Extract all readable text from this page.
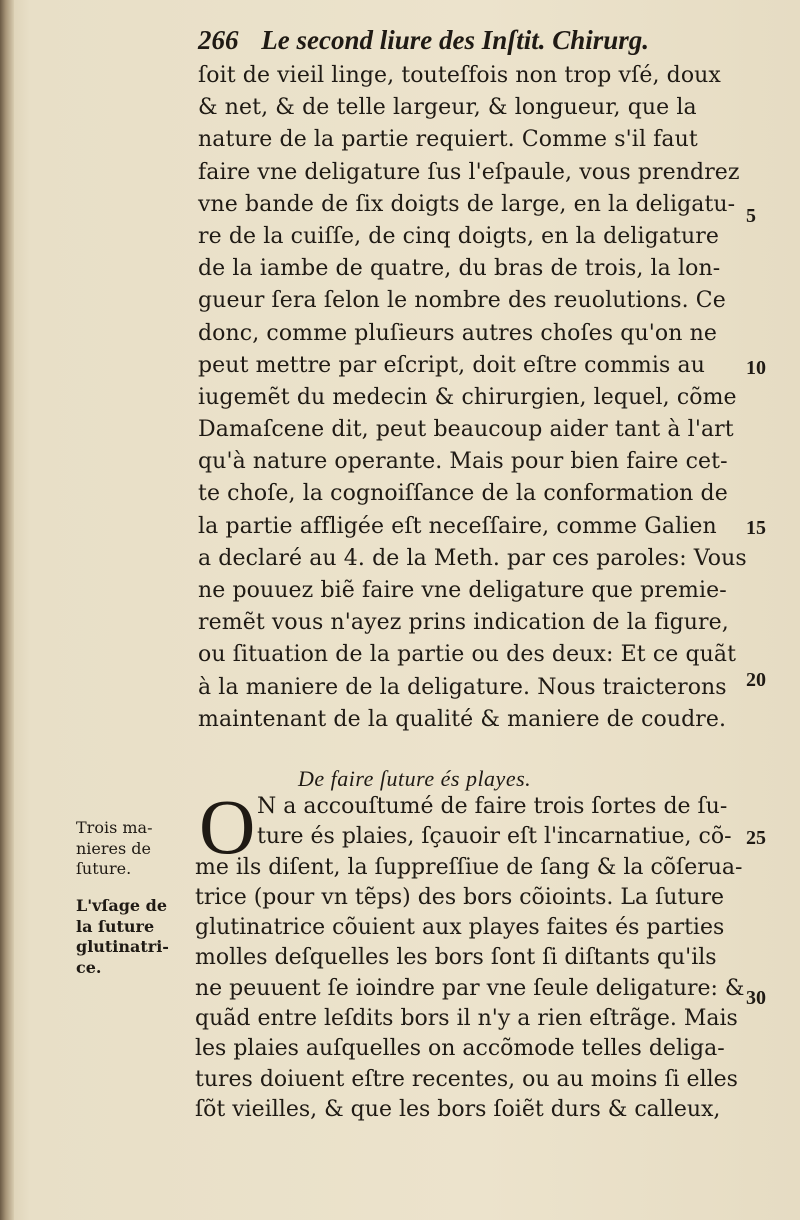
266 Le second liure des Inſtit. Chirurg.
ſoit de vieil linge, touteſfois non trop vſé, doux
& net, & de telle largeur, & longueur, que la
nature de la partie requiert. Comme s'il faut
faire vne deligature ſus l'eſpaule, vous prendrez
vne bande de ſix doigts de large, en la deligatu-
re de la cuiſſe, de cinq doigts, en la deligature
de la iambe de quatre, du bras de trois, la lon-
gueur ſera ſelon le nombre des reuolutions. Ce
donc, comme pluſieurs autres choſes qu'on ne
peut mettre par eſcript, doit eſtre commis au
iugemẽt du medecin & chirurgien, lequel, cõme
Damaſcene dit, peut beaucoup aider tant à l'art
qu'à nature operante. Mais pour bien faire cet-
te choſe, la cognoiſſance de la conformation de
la partie affligée eſt neceſſaire, comme Galien
a declaré au 4. de la Meth. par ces paroles: Vous
ne pouuez biẽ faire vne deligature que premie-
remẽt vous n'ayez prins indication de la figure,
ou ſituation de la partie ou des deux: Et ce quãt
à la maniere de la deligature. Nous traicterons
maintenant de la qualité & maniere de coudre.
5
10
15
20
25
30
De faire ſuture és playes.
O N a accouſtumé de faire trois ſortes de ſu-
ture és plaies, ſçauoir eſt l'incarnatiue, cõ-
me ils diſent, la ſuppreſſiue de ſang & la cõſerua-
trice (pour vn tẽps) des bors cõioints. La ſuture
glutinatrice cõuient aux playes faites és parties
molles deſquelles les bors ſont ſi diſtants qu'ils
ne peuuent ſe ioindre par vne ſeule deligature: &
quãd entre leſdits bors il n'y a rien eſtrãge. Mais
les plaies auſquelles on accõmode telles deliga-
tures doiuent eſtre recentes, ou au moins ſi elles
ſõt vieilles, & que les bors ſoiẽt durs & calleux,
Trois ma-
nieres de
ſuture.
L'vſage de
la ſuture
glutinatri-
ce.
